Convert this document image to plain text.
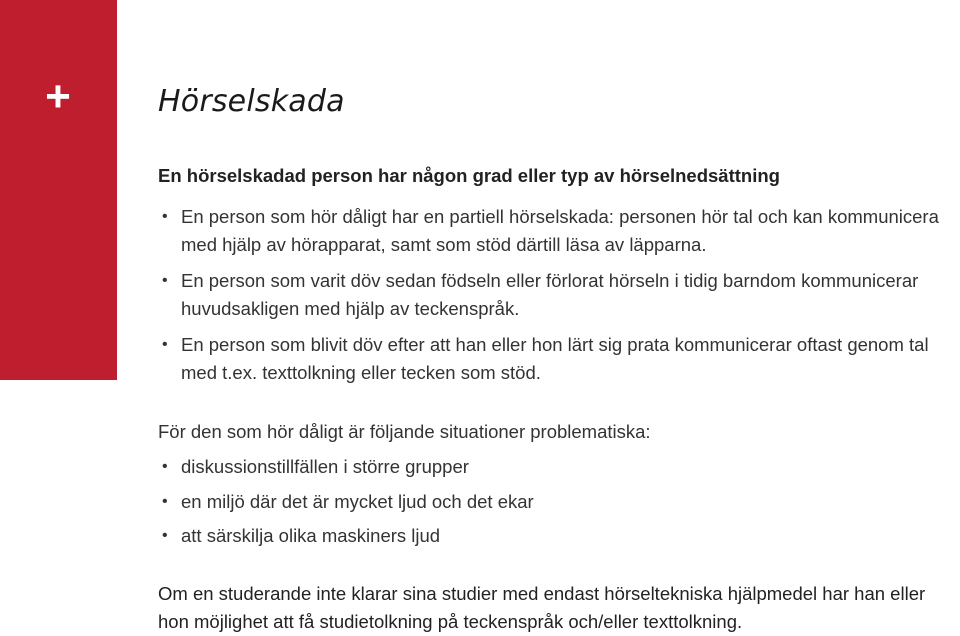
+	Hörselskada

En hörselskadad person har någon grad eller typ av hörselnedsättning

• En person som hör dåligt har en partiell hörselskada: personen hör tal och kan kommunicera med hjälp av hörapparat, samt som stöd därtill läsa av läpparna.
• En person som varit döv sedan födseln eller förlorat hörseln i tidig barndom kommunicerar huvudsakligen med hjälp av teckenspråk.
• En person som blivit döv efter att han eller hon lärt sig prata kommunicerar oftast genom tal med t.ex. texttolkning eller tecken som stöd.

För den som hör dåligt är följande situationer problematiska:

• diskussionstillfällen i större grupper
• en miljö där det är mycket ljud och det ekar
• att särskilja olika maskiners ljud

Om en studerande inte klarar sina studier med endast hörseltekniska hjälpmedel har han eller hon möjlighet att få studietolkning på teckenspråk och/eller texttolkning.
